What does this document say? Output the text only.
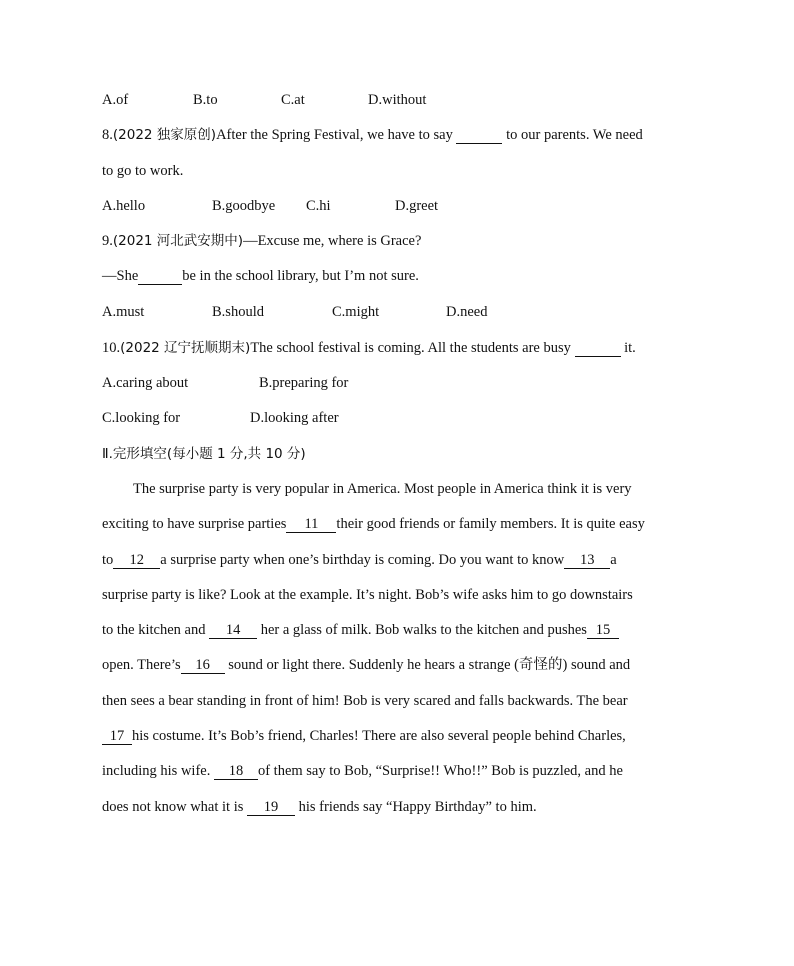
A.of	B.to	C.at	D.without
8.(2022 独家原创)After the Spring Festival, we have to say	to our parents. We need
to go to work.
A.hello	B.goodbye C.hi	D.greet
9.(2021 河北武安期中)—Excuse me, where is Grace?
—She	be in the school library, but I’m not sure.
A.must	B.should	C.might	D.need
10.(2022 辽宁抚顺期末)The school festival is coming. All the students are busy	it.
A.caring about	B.preparing for
C.looking for	D.looking after
Ⅱ.完形填空(每小题 1 分,共 10 分)
The surprise party is very popular in America. Most people in America think it is very
exciting to have surprise parties 11 their good friends or family members. It is quite easy
to 12 a surprise party when one’s birthday is coming. Do you want to know 13 a
surprise party is like? Look at the example. It’s night. Bob’s wife asks him to go downstairs
to the kitchen and 14 her a glass of milk. Bob walks to the kitchen and pushes 15
open. There’s 16 sound or light there. Suddenly he hears a strange (奇怪的) sound and
then sees a bear standing in front of him! Bob is very scared and falls backwards. The bear
17 his costume. It’s Bob’s friend, Charles! There are also several people behind Charles,
including his wife. 18 of them say to Bob, “Surprise!! Who!!” Bob is puzzled, and he
does not know what it is 19 his friends say “Happy Birthday” to him.
